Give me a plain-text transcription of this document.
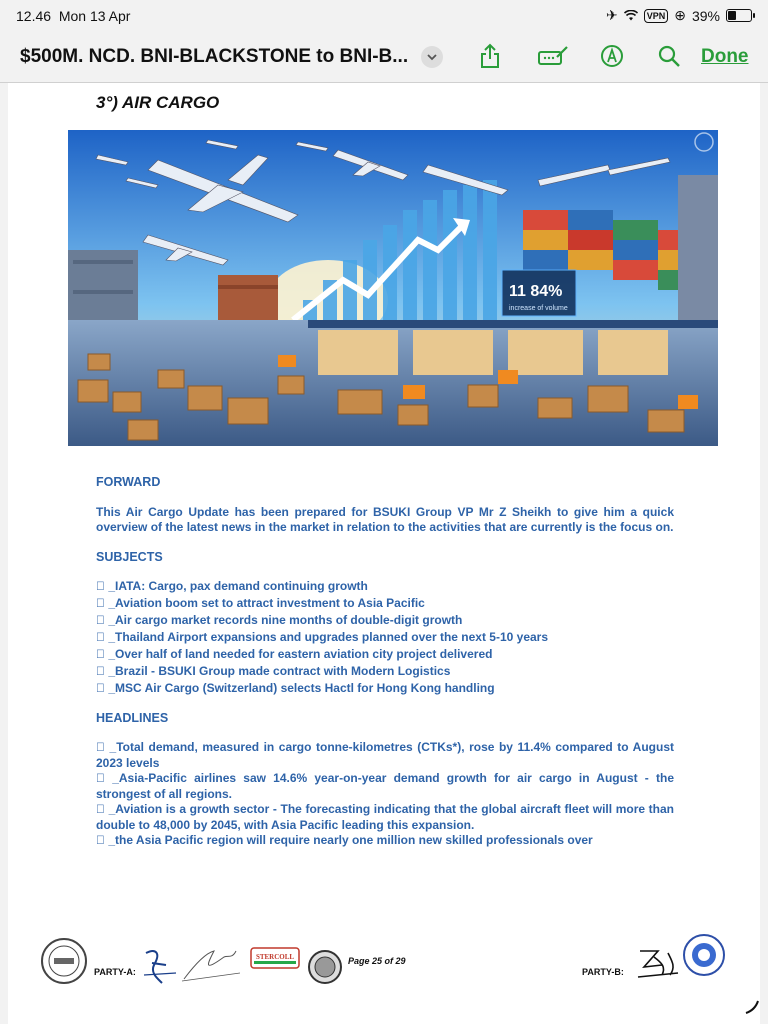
12.46 Mon 13 Apr	✈	VPN ⊕ 39%
$500M. NCD. BNI-BLACKSTONE to BNI-B...	Done
3°) AIR CARGO
11 84%
increase of volume
FORWARD

This Air Cargo Update has been prepared for BSUKI Group VP Mr Z Sheikh to give him a quick overview of the latest news in the market in relation to the activities that are currently is the focus on.

SUBJECTS
_IATA: Cargo, pax demand continuing growth
_Aviation boom set to attract investment to Asia Pacific
_Air cargo market records nine months of double-digit growth
_Thailand Airport expansions and upgrades planned over the next 5-10 years
_Over half of land needed for eastern aviation city project delivered
_Brazil - BSUKI Group made contract with Modern Logistics
_MSC Air Cargo (Switzerland) selects Hactl for Hong Kong handling
HEADLINES
_Total demand, measured in cargo tonne-kilometres (CTKs*), rose by 11.4% compared to August 2023 levels
_Asia-Pacific airlines saw 14.6% year-on-year demand growth for air cargo in August - the strongest of all regions.
_Aviation is a growth sector - The forecasting indicating that the global aircraft fleet will more than double to 48,000 by 2045, with Asia Pacific leading this expansion.
_the Asia Pacific region will require nearly one million new skilled professionals over
PARTY-A:
STERCOLL	Page 25 of 29
PARTY-B:
